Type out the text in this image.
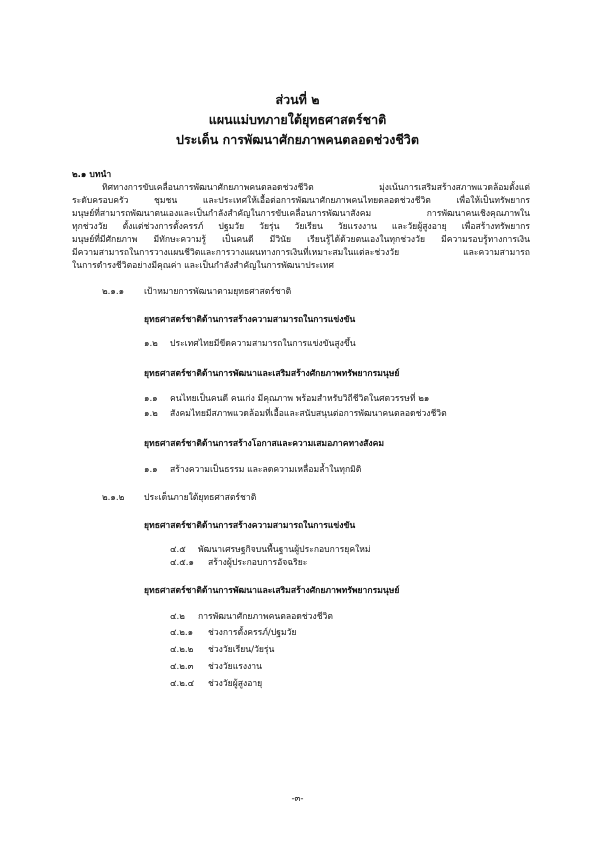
ส่วนที่ ๒
แผนแม่บทภายใต้ยุทธศาสตร์ชาติ
ประเด็น การพัฒนาศักยภาพคนตลอดช่วงชีวิต
๒.๑ บทนำ
ทิศทางการขับเคลื่อนการพัฒนาศักยภาพคนตลอดช่วงชีวิต มุ่งเน้นการเสริมสร้างสภาพแวดล้อมตั้งแต่
ระดับครอบครัว ชุมชน และประเทศให้เอื้อต่อการพัฒนาศักยภาพคนไทยตลอดช่วงชีวิต เพื่อให้เป็นทรัพยากร
มนุษย์ที่สามารถพัฒนาตนเองและเป็นกำลังสำคัญในการขับเคลื่อนการพัฒนาสังคม การพัฒนาคนเชิงคุณภาพใน
ทุกช่วงวัย ตั้งแต่ช่วงการตั้งครรภ์ ปฐมวัย วัยรุ่น วัยเรียน วัยแรงงาน และวัยผู้สูงอายุ เพื่อสร้างทรัพยากร
มนุษย์ที่มีศักยภาพ มีทักษะความรู้ เป็นคนดี มีวินัย เรียนรู้ได้ด้วยตนเองในทุกช่วงวัย มีความรอบรู้ทางการเงิน
มีความสามารถในการวางแผนชีวิตและการวางแผนทางการเงินที่เหมาะสมในแต่ละช่วงวัย และความสามารถ
ในการดำรงชีวิตอย่างมีคุณค่า และเป็นกำลังสำคัญในการพัฒนาประเทศ
๒.๑.๑ เป้าหมายการพัฒนาตามยุทธศาสตร์ชาติ
ยุทธศาสตร์ชาติด้านการสร้างความสามารถในการแข่งขัน
๑.๒ ประเทศไทยมีขีดความสามารถในการแข่งขันสูงขึ้น
ยุทธศาสตร์ชาติด้านการพัฒนาและเสริมสร้างศักยภาพทรัพยากรมนุษย์
๑.๑ คนไทยเป็นคนดี คนเก่ง มีคุณภาพ พร้อมสำหรับวิถีชีวิตในศตวรรษที่ ๒๑
๑.๒ สังคมไทยมีสภาพแวดล้อมที่เอื้อและสนับสนุนต่อการพัฒนาคนตลอดช่วงชีวิต
ยุทธศาสตร์ชาติด้านการสร้างโอกาสและความเสมอภาคทางสังคม
๑.๑ สร้างความเป็นธรรม และลดความเหลื่อมล้ำในทุกมิติ
๒.๑.๒ ประเด็นภายใต้ยุทธศาสตร์ชาติ
ยุทธศาสตร์ชาติด้านการสร้างความสามารถในการแข่งขัน
๔.๕ พัฒนาเศรษฐกิจบนพื้นฐานผู้ประกอบการยุคใหม่
๔.๕.๑ สร้างผู้ประกอบการอัจฉริยะ
ยุทธศาสตร์ชาติด้านการพัฒนาและเสริมสร้างศักยภาพทรัพยากรมนุษย์
๔.๒ การพัฒนาศักยภาพคนตลอดช่วงชีวิต
๔.๒.๑ ช่วงการตั้งครรภ์/ปฐมวัย
๔.๒.๒ ช่วงวัยเรียน/วัยรุ่น
๔.๒.๓ ช่วงวัยแรงงาน
๔.๒.๔ ช่วงวัยผู้สูงอายุ
-๓-
